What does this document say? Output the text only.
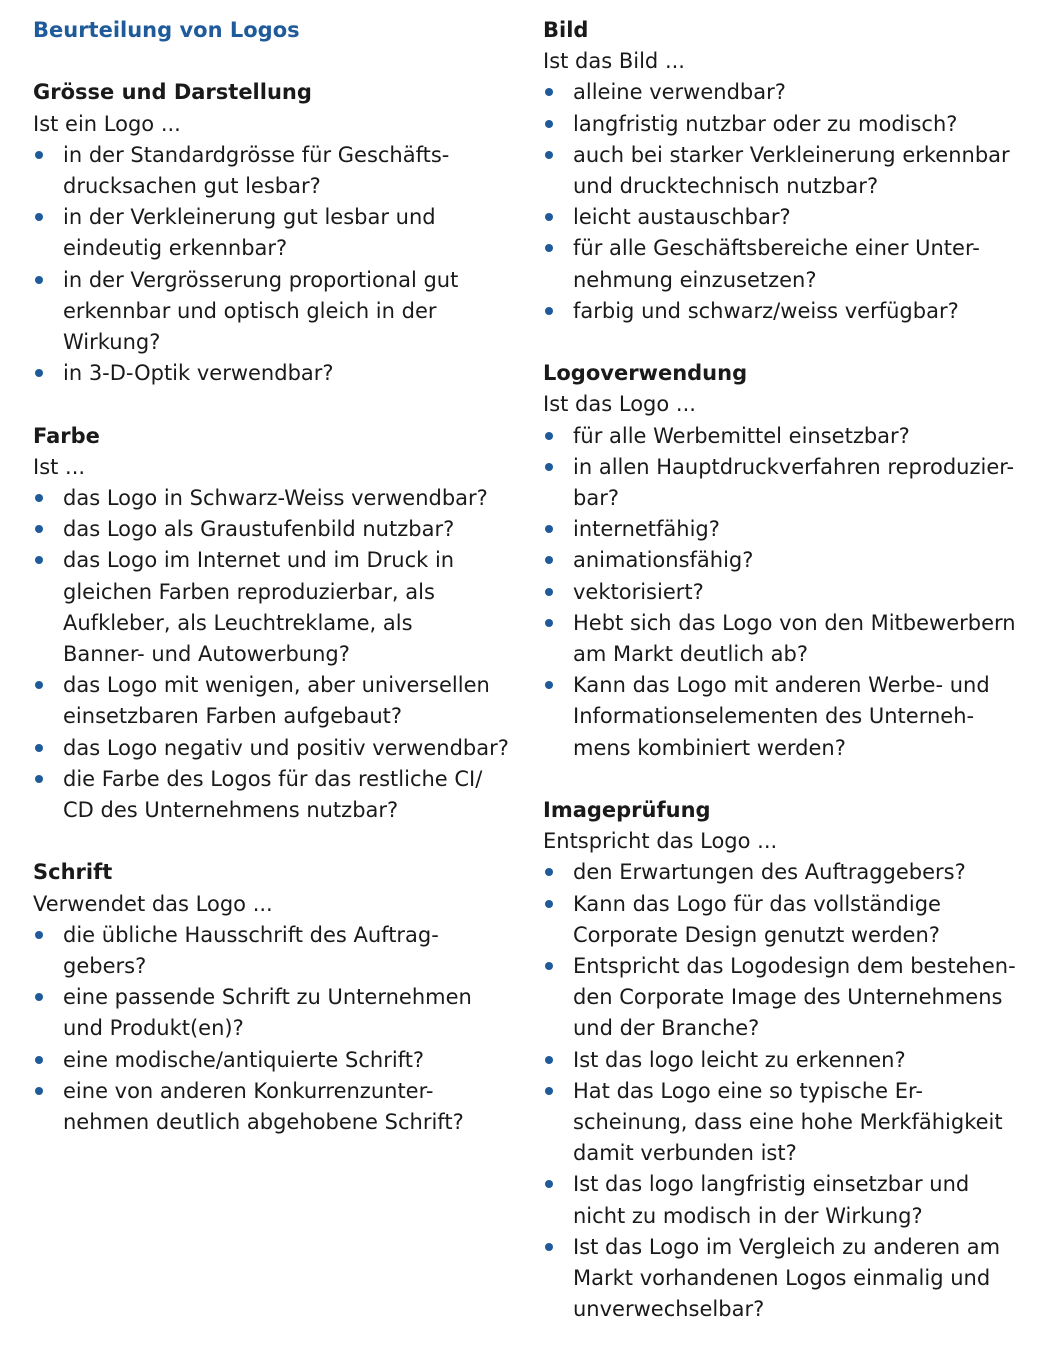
Beurteilung von Logos
Grösse und Darstellung
Ist ein Logo ...
in der Standardgrösse für Geschäfts-
drucksachen gut lesbar?
in der Verkleinerung gut lesbar und
eindeutig erkennbar?
in der Vergrösserung proportional gut
erkennbar und optisch gleich in der
Wirkung?
in 3-D-Optik verwendbar?
Farbe
Ist ...
das Logo in Schwarz-Weiss verwendbar?
das Logo als Graustufenbild nutzbar?
das Logo im Internet und im Druck in
gleichen Farben reproduzierbar, als
Aufkleber, als Leuchtreklame, als
Banner- und Autowerbung?
das Logo mit wenigen, aber universellen
einsetzbaren Farben aufgebaut?
das Logo negativ und positiv verwendbar?
die Farbe des Logos für das restliche CI/
CD des Unternehmens nutzbar?
Schrift
Verwendet das Logo ...
die übliche Hausschrift des Auftrag-
gebers?
eine passende Schrift zu Unternehmen
und Produkt(en)?
eine modische/antiquierte Schrift?
eine von anderen Konkurrenzunter-
nehmen deutlich abgehobene Schrift?
Bild
Ist das Bild ...
alleine verwendbar?
langfristig nutzbar oder zu modisch?
auch bei starker Verkleinerung erkennbar
und drucktechnisch nutzbar?
leicht austauschbar?
für alle Geschäftsbereiche einer Unter-
nehmung einzusetzen?
farbig und schwarz/weiss verfügbar?
Logoverwendung
Ist das Logo ...
für alle Werbemittel einsetzbar?
in allen Hauptdruckverfahren reproduzier-
bar?
internetfähig?
animationsfähig?
vektorisiert?
Hebt sich das Logo von den Mitbewerbern
am Markt deutlich ab?
Kann das Logo mit anderen Werbe- und
Informationselementen des Unterneh-
mens kombiniert werden?
Imageprüfung
Entspricht das Logo ...
den Erwartungen des Auftraggebers?
Kann das Logo für das vollständige
Corporate Design genutzt werden?
Entspricht das Logodesign dem bestehen-
den Corporate Image des Unternehmens
und der Branche?
Ist das logo leicht zu erkennen?
Hat das Logo eine so typische Er-
scheinung, dass eine hohe Merkfähigkeit
damit verbunden ist?
Ist das logo langfristig einsetzbar und
nicht zu modisch in der Wirkung?
Ist das Logo im Vergleich zu anderen am
Markt vorhandenen Logos einmalig und
unverwechselbar?
